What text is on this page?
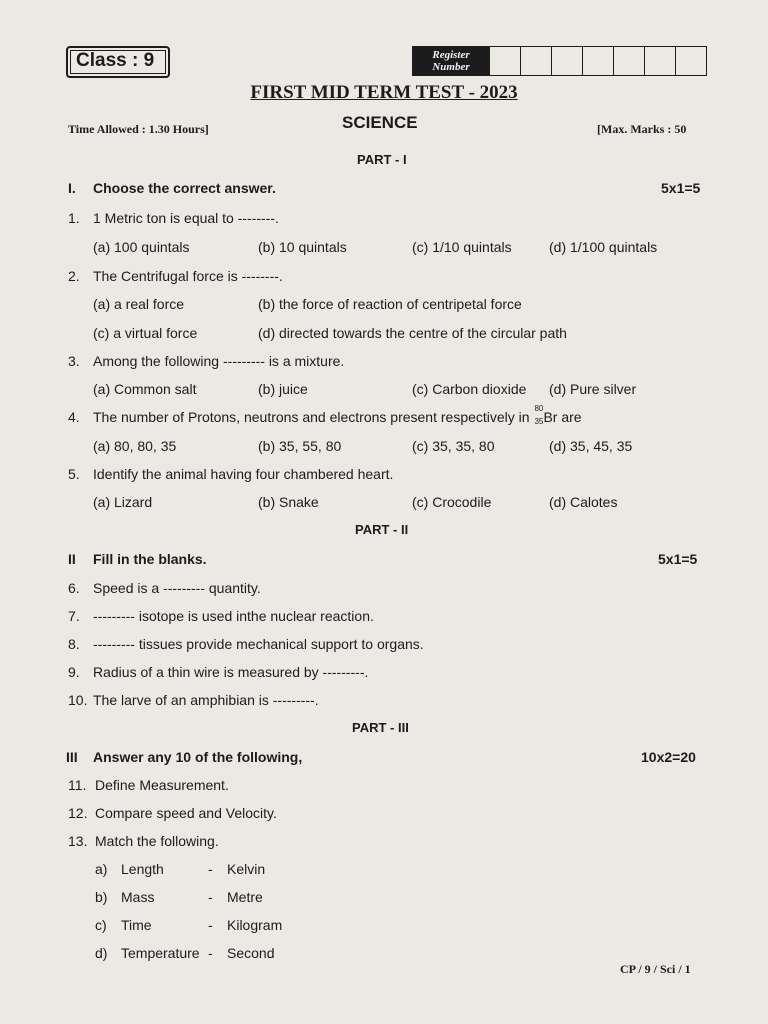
Class : 9	Register
Number
FIRST MID TERM TEST - 2023
SCIENCE
Time Allowed : 1.30 Hours]	[Max. Marks : 50
PART - I
I. Choose the correct answer.	5x1=5
1. 1 Metric ton is equal to --------.
(a) 100 quintals	(b) 10 quintals	(c) 1/10 quintals	(d) 1/100 quintals
2. The Centrifugal force is --------.
(a) a real force	(b) the force of reaction of centripetal force
(c) a virtual force	(d) directed towards the centre of the circular path
3. Among the following --------- is a mixture.
(a) Common salt	(b) juice	(c) Carbon dioxide (d) Pure silver
4. The number of Protons, neutrons and electrons present respectively in
80
35 Br are
(a) 80, 80, 35	(b) 35, 55, 80	(c) 35, 35, 80	(d) 35, 45, 35
5. Identify the animal having four chambered heart.
(a) Lizard	(b) Snake	(c) Crocodile	(d) Calotes
PART - II
II Fill in the blanks.	5x1=5
6. Speed is a --------- quantity.
7. --------- isotope is used inthe nuclear reaction.
8. --------- tissues provide mechanical support to organs.
9. Radius of a thin wire is measured by ---------.
10. The larve of an amphibian is ---------.
PART - III
III Answer any 10 of the following,	10x2=20
11. Define Measurement.
12. Compare speed and Velocity.
13. Match the following.
a) Length	- Kelvin
b) Mass	- Metre
c) Time	- Kilogram
d) Temperature - Second
CP / 9 / Sci / 1
